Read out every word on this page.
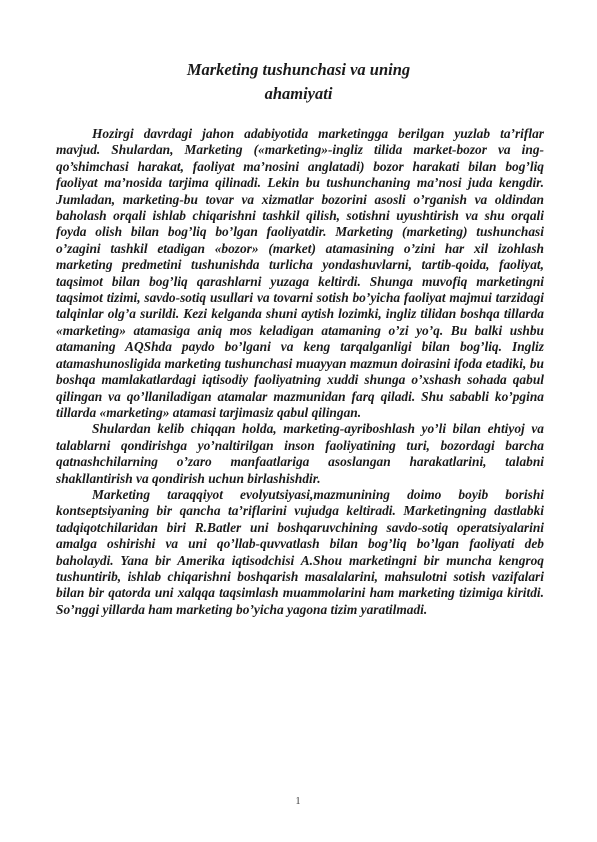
Marketing tushunchasi va uning
ahamiyati

Hozirgi davrdagi jahon adabiyotida marketingga berilgan yuzlab ta’riflar mavjud. Shulardan, Marketing («marketing»-ingliz tilida market-bozor va ing- qo’shimchasi harakat, faoliyat ma’nosini anglatadi) bozor harakati bilan bog’liq faoliyat ma’nosida tarjima qilinadi. Lekin bu tushunchaning ma’nosi juda kengdir. Jumladan, marketing-bu tovar va xizmatlar bozorini asosli o’rganish va oldindan baholash orqali ishlab chiqarishni tashkil qilish, sotishni uyushtirish va shu orqali foyda olish bilan bog’liq bo’lgan faoliyatdir. Marketing (marketing) tushunchasi o’zagini tashkil etadigan «bozor» (market) atamasining o’zini har xil izohlash marketing predmetini tushunishda turlicha yondashuvlarni, tartib-qoida, faoliyat, taqsimot bilan bog’liq qarashlarni yuzaga keltirdi. Shunga muvofiq marketingni taqsimot tizimi, savdo-sotiq usullari va tovarni sotish bo’yicha faoliyat majmui tarzidagi talqinlar olg’a surildi. Kezi kelganda shuni aytish lozimki, ingliz tilidan boshqa tillarda «marketing» atamasiga aniq mos keladigan atamaning o’zi yo’q. Bu balki ushbu atamaning AQShda paydo bo’lgani va keng tarqalganligi bilan bog’liq. Ingliz atamashunosligida marketing tushunchasi muayyan mazmun doirasini ifoda etadiki, bu boshqa mamlakatlardagi iqtisodiy faoliyatning xuddi shunga o’xshash sohada qabul qilingan va qo’llaniladigan atamalar mazmunidan farq qiladi. Shu sababli ko’pgina tillarda «marketing» atamasi tarjimasiz qabul qilingan.

Shulardan kelib chiqqan holda, marketing-ayriboshlash yo’li bilan ehtiyoj va talablarni qondirishga yo’naltirilgan inson faoliyatining turi, bozordagi barcha qatnashchilarning o’zaro manfaatlariga asoslangan harakatlarini, talabni shakllantirish va qondirish uchun birlashishdir.

Marketing taraqqiyot evolyutsiyasi,mazmunining doimo boyib borishi kontseptsiyaning bir qancha ta’riflarini vujudga keltiradi. Marketingning dastlabki tadqiqotchilaridan biri R.Batler uni boshqaruvchining savdo-sotiq operatsiyalarini amalga oshirishi va uni qo’llab-quvvatlash bilan bog’liq bo’lgan faoliyati deb baholaydi. Yana bir Amerika iqtisodchisi A.Shou marketingni bir muncha kengroq tushuntirib, ishlab chiqarishni boshqarish masalalarini, mahsulotni sotish vazifalari bilan bir qatorda uni xalqqa taqsimlash muammolarini ham marketing tizimiga kiritdi. So’nggi yillarda ham marketing bo’yicha yagona tizim yaratilmadi.

1
